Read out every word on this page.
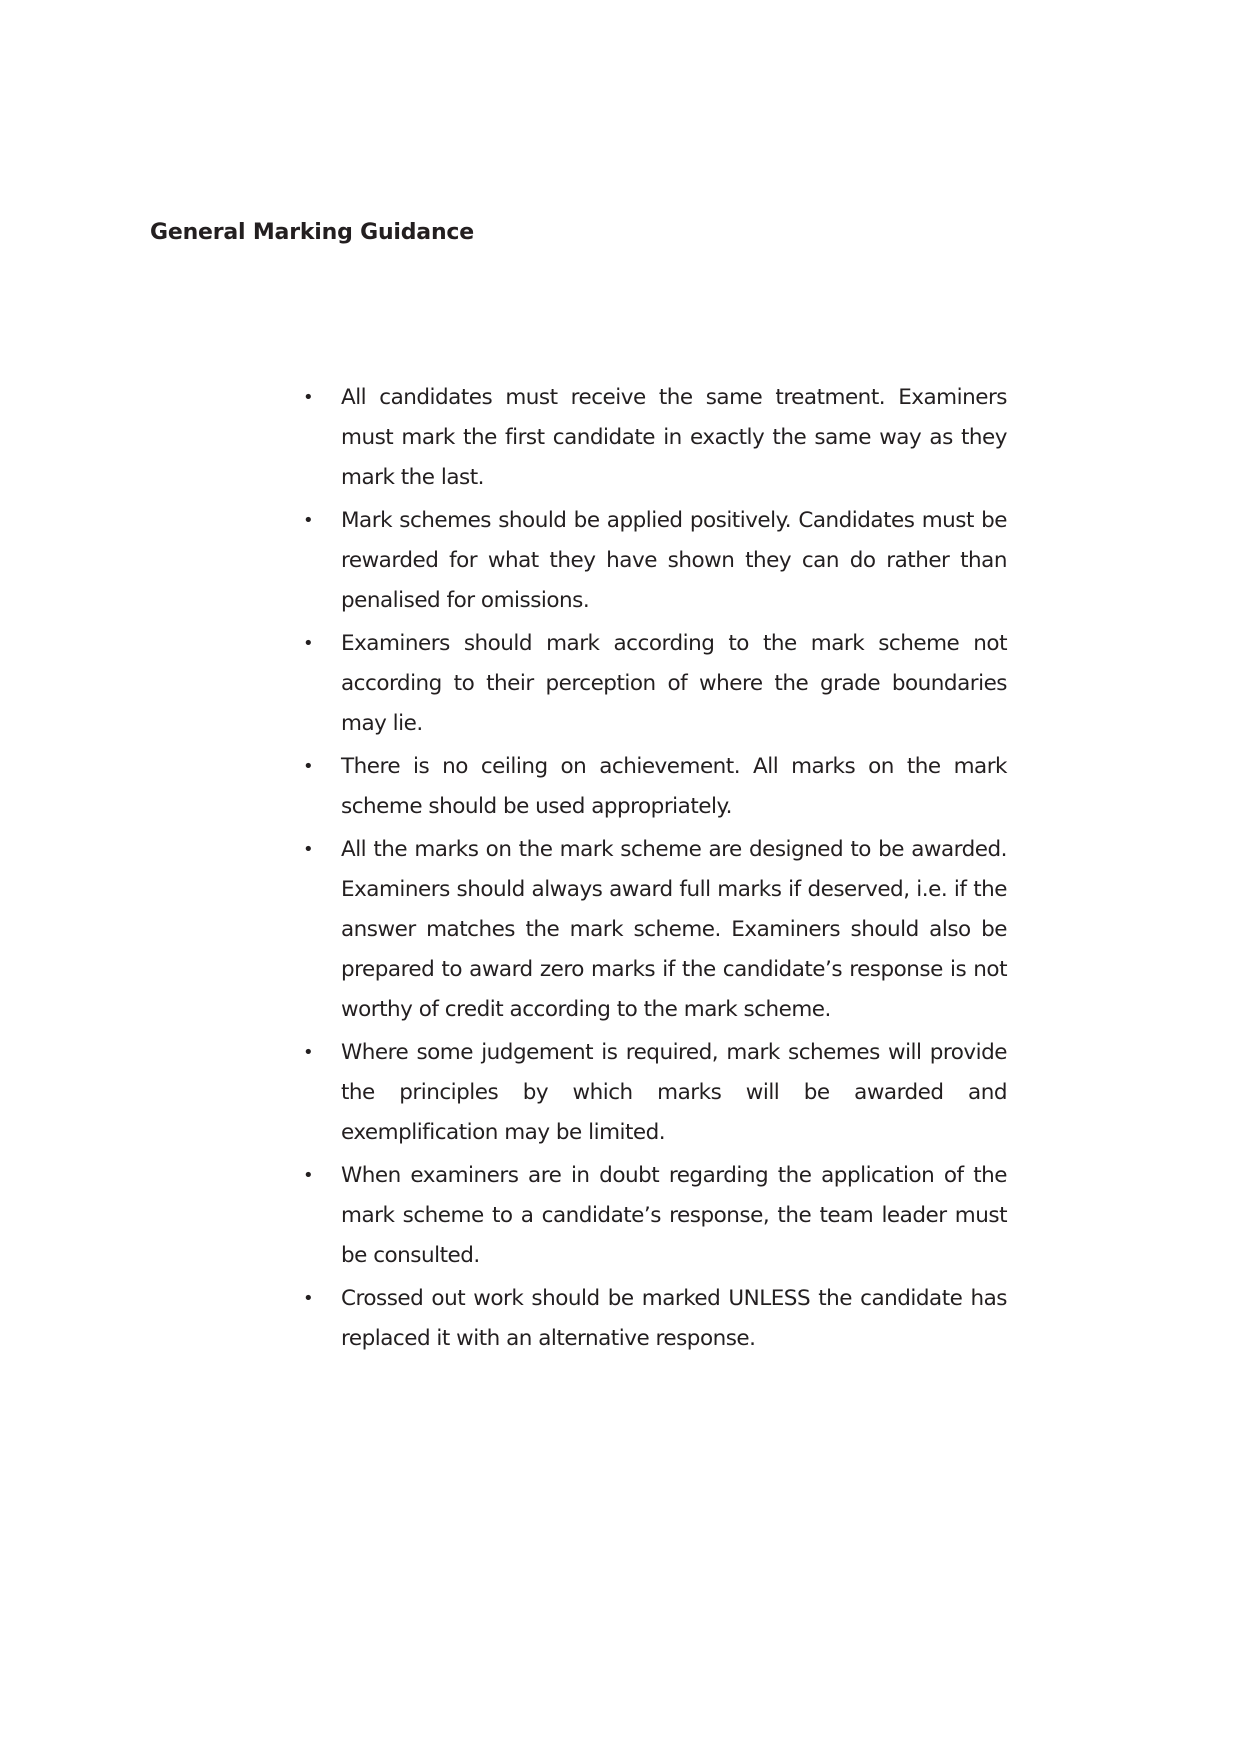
General Marking Guidance
• All candidates must receive the same treatment. Examiners must mark the first candidate in exactly the same way as they mark the last.
• Mark schemes should be applied positively. Candidates must be rewarded for what they have shown they can do rather than penalised for omissions.
• Examiners should mark according to the mark scheme not according to their perception of where the grade boundaries may lie.
• There is no ceiling on achievement. All marks on the mark scheme should be used appropriately.
• All the marks on the mark scheme are designed to be awarded. Examiners should always award full marks if deserved, i.e. if the answer matches the mark scheme. Examiners should also be prepared to award zero marks if the candidate’s response is not worthy of credit according to the mark scheme.
• Where some judgement is required, mark schemes will provide the principles by which marks will be awarded and exemplification may be limited.
• When examiners are in doubt regarding the application of the mark scheme to a candidate’s response, the team leader must be consulted.
• Crossed out work should be marked UNLESS the candidate has replaced it with an alternative response.
